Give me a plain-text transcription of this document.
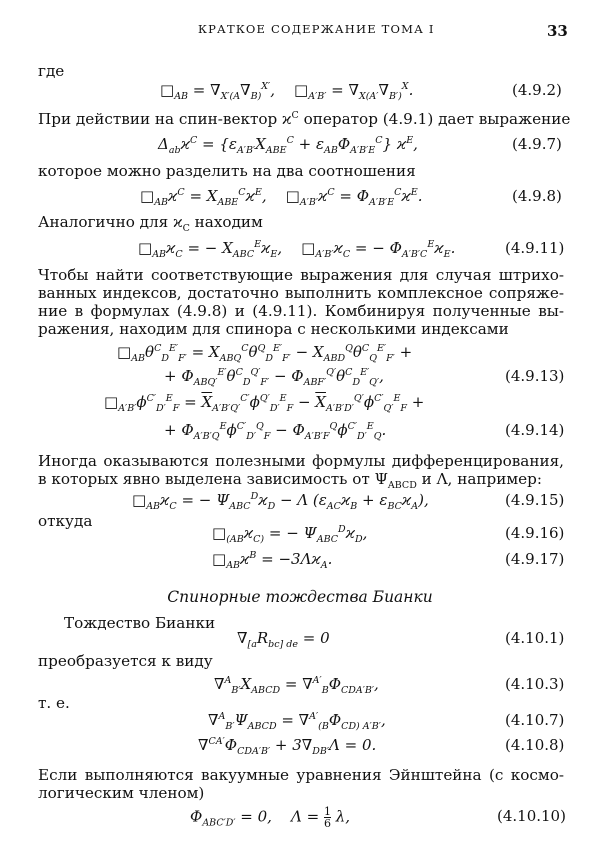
КРАТКОЕ СОДЕРЖАНИЕ ТОМА I	33
где
$□_{AB} = \nabla_{X'(A}\nabla_{B)}^{X'}$,    $□_{A'B'} = \nabla_{X(A'}\nabla_{B')}^X$.	(4.9.2)
При действии на спин-вектор $ϰ^C$ оператор (4.9.1) дает выражение
$\Delta_{ab}ϰ^C = \{\varepsilon_{A'B'}X_{ABE}^C + \varepsilon_{AB}\Phi_{A'B'E}^C\}$ $ϰ^E$,	(4.9.7)
которое можно разделить на два соотношения
$□_{AB}ϰ^C = X_{ABE}^Cϰ^E$,    $□_{A'B'}ϰ^C = \Phi_{A'B'E}^Cϰ^E$.	(4.9.8)
Аналогично для $ϰ_C$ находим
$□_{AB}ϰ_C$ = − $X_{ABC}^Eϰ_E$,    $□_{A'B'}ϰ_C$ = − $\Phi_{A'B'C}^Eϰ_E$.	(4.9.11)
Чтобы найти соответствующие выражения для случая штрихо-
ванных индексов, достаточно выполнить комплексное сопряже-
ние в формулах (4.9.8) и (4.9.11). Комбинируя полученные вы-
ражения, находим для спинора с несколькими индексами
$□_{AB}\theta^C_D^{E'}_{F'} = X_{ABQ}^C\theta^Q_D^{E'}_{F'} - X_{ABD}^Q\theta^C_Q^{E'}_{F'}$ +
+ $\Phi_{ABQ'}^{E'}\theta^C_D^{Q'}_{F'} - \Phi_{ABF'}^{Q'}\theta^C_D^{E'}_{Q'}$,	(4.9.13)
$□_{A'B'}\phi^{C'}_{D'}^E_F = \overline{X}_{A'B'Q'}^{C'}\phi^{Q'}_{D'}^E_F - \overline{X}_{A'B'D'}^{Q'}\phi^{C'}_{Q'}^E_F$ +
+ $\Phi_{A'B'Q}^E\phi^{C'}_{D'}^Q_F - \Phi_{A'B'F}^Q\phi^{C'}_{D'}^E_Q$.	(4.9.14)
Иногда оказываются полезными формулы дифференцирования,
в которых явно выделена зависимость от $\Psi_{ABCD}$ и Λ, например:
$□_{AB}ϰ_C$ = − $\Psi_{ABC}^Dϰ_D - \Lambda$ $(\varepsilon_{AC}ϰ_B + \varepsilon_{BC}ϰ_A)$,	(4.9.15)
откуда
$□_{(AB}ϰ_{C)}$ = − $\Psi_{ABC}^Dϰ_D$,	(4.9.16)
$□_{AB}ϰ^B = -3\Lambda ϰ_A$.	(4.9.17)
Спинорные тождества Бианки
Тождество Бианки
$\nabla_{[a}R_{bc] de} = 0$	(4.10.1)
преобразуется к виду
$\nabla^A_{B'}X_{ABCD} = \nabla^{A'}_B\Phi_{CDA'B'}$,	(4.10.3)
т. е.
$\nabla^A_{B'}\Psi_{ABCD} = \nabla^{A'}_{(B}\Phi_{CD) A'B'}$,	(4.10.7)
$\nabla^{CA'}\Phi_{CDA'B'} + 3\nabla_{DB'}\Lambda = 0$.	(4.10.8)
Если выполняются вакуумные уравнения Эйнштейна (с космо-
логическим членом)
$\Phi_{ABC'D'} = 0$,    $\Lambda = \frac{1}{6} \lambda$,	(4.10.10)
